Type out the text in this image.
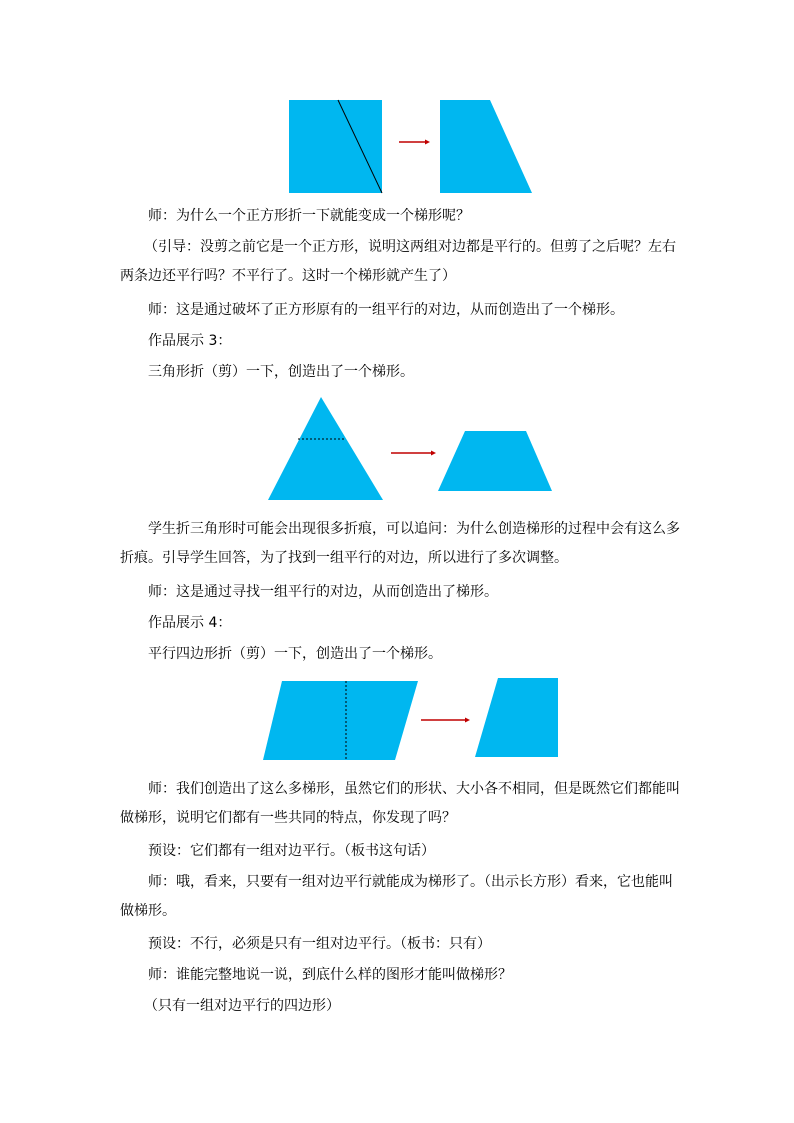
师：为什么一个正方形折一下就能变成一个梯形呢？

（引导：没剪之前它是一个正方形，说明这两组对边都是平行的。但剪了之后呢？左右两条边还平行吗？不平行了。这时一个梯形就产生了）

师：这是通过破坏了正方形原有的一组平行的对边，从而创造出了一个梯形。

作品展示 3：

三角形折（剪）一下，创造出了一个梯形。

学生折三角形时可能会出现很多折痕，可以追问：为什么创造梯形的过程中会有这么多折痕。引导学生回答，为了找到一组平行的对边，所以进行了多次调整。

师：这是通过寻找一组平行的对边，从而创造出了梯形。

作品展示 4：

平行四边形折（剪）一下，创造出了一个梯形。

师：我们创造出了这么多梯形，虽然它们的形状、大小各不相同，但是既然它们都能叫做梯形，说明它们都有一些共同的特点，你发现了吗？

预设：它们都有一组对边平行。（板书这句话）

师：哦，看来，只要有一组对边平行就能成为梯形了。（出示长方形）看来，它也能叫做梯形。

预设：不行，必须是只有一组对边平行。（板书：只有）

师：谁能完整地说一说，到底什么样的图形才能叫做梯形？

（只有一组对边平行的四边形）
